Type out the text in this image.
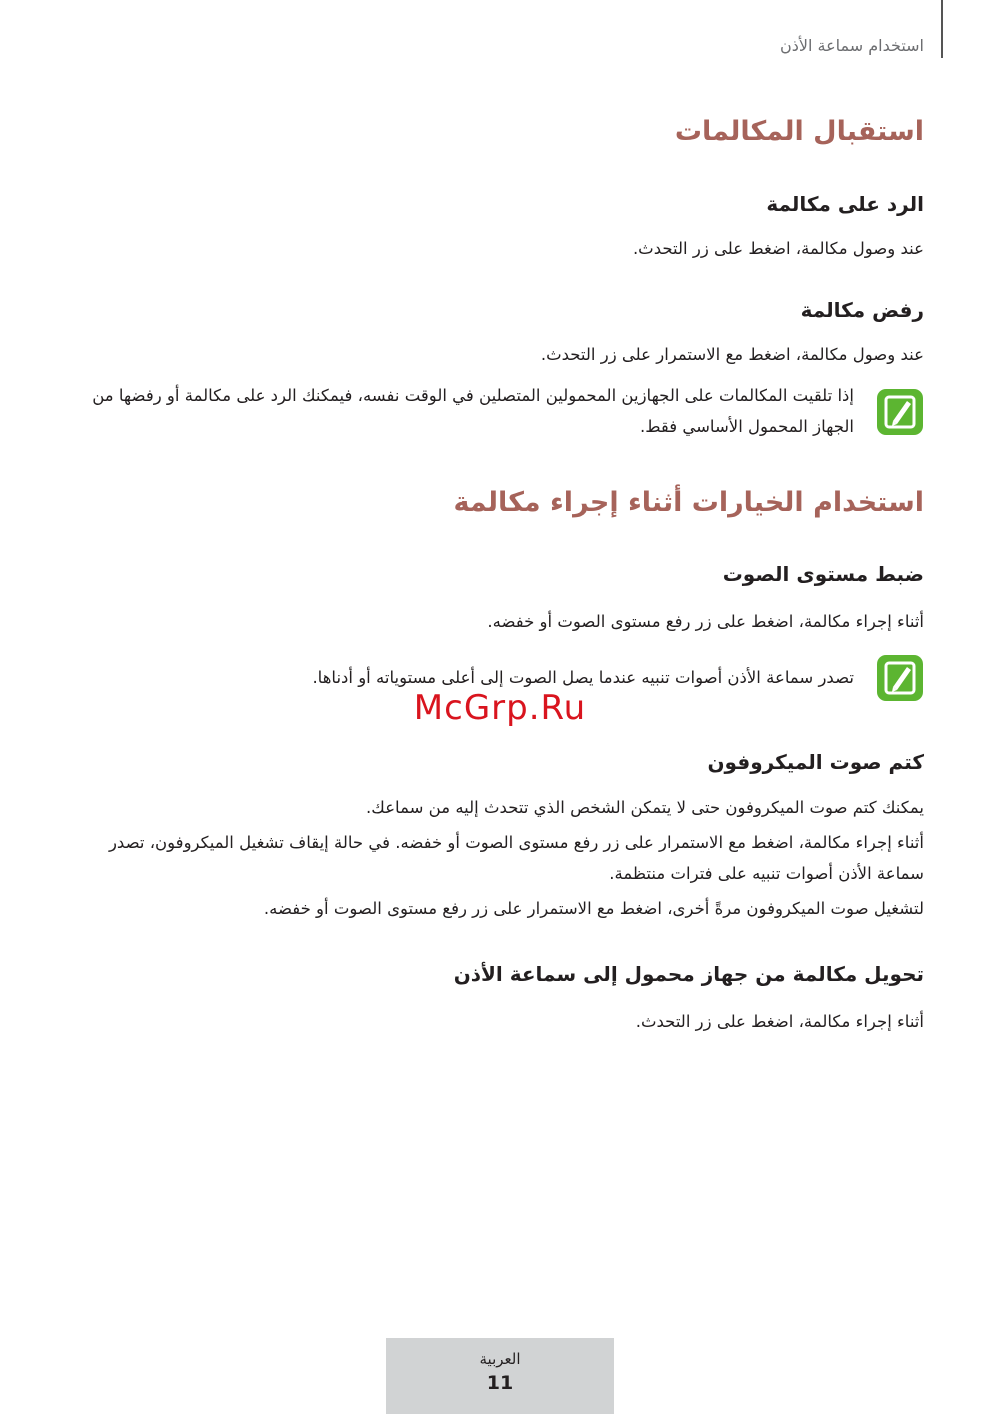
استخدام سماعة الأذن
استقبال المكالمات
الرد على مكالمة

عند وصول مكالمة، اضغط على زر التحدث.

رفض مكالمة

عند وصول مكالمة، اضغط مع الاستمرار على زر التحدث.

إذا تلقيت المكالمات على الجهازين المحمولين المتصلين في الوقت نفسه، فيمكنك الرد على مكالمة أو رفضها من الجهاز المحمول الأساسي فقط.
استخدام الخيارات أثناء إجراء مكالمة
ضبط مستوى الصوت

أثناء إجراء مكالمة، اضغط على زر رفع مستوى الصوت أو خفضه.

تصدر سماعة الأذن أصوات تنبيه عندما يصل الصوت إلى أعلى مستوياته أو أدناها.
McGrp.Ru
كتم صوت الميكروفون

يمكنك كتم صوت الميكروفون حتى لا يتمكن الشخص الذي تتحدث إليه من سماعك.

أثناء إجراء مكالمة، اضغط مع الاستمرار على زر رفع مستوى الصوت أو خفضه. في حالة إيقاف تشغيل الميكروفون، تصدر سماعة الأذن أصوات تنبيه على فترات منتظمة.

لتشغيل صوت الميكروفون مرةً أخرى، اضغط مع الاستمرار على زر رفع مستوى الصوت أو خفضه.

تحويل مكالمة من جهاز محمول إلى سماعة الأذن

أثناء إجراء مكالمة، اضغط على زر التحدث.

العربية
11
